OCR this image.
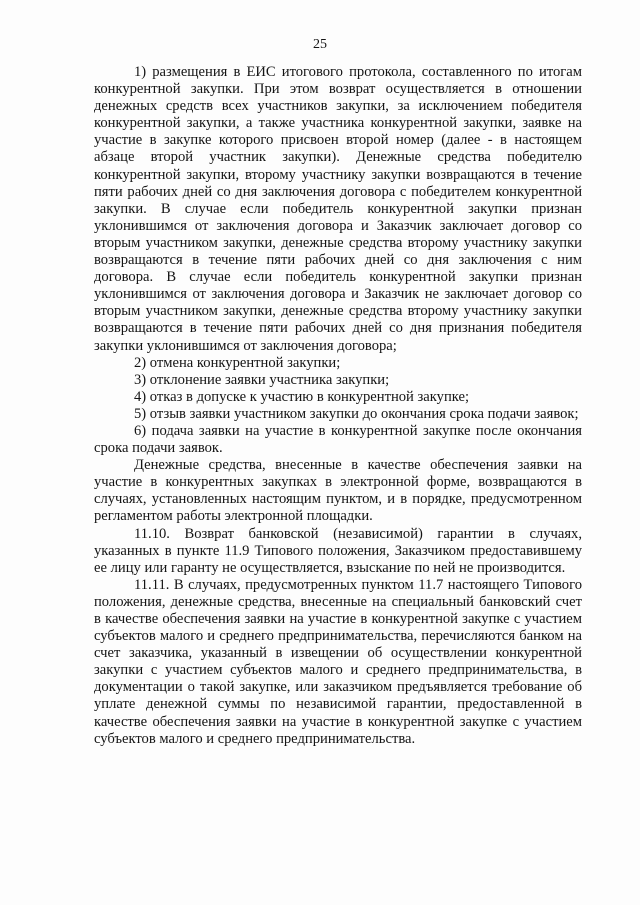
25

1) размещения в ЕИС итогового протокола, составленного по итогам конкурентной закупки. При этом возврат осуществляется в отношении денежных средств всех участников закупки, за исключением победителя конкурентной закупки, а также участника конкурентной закупки, заявке на участие в закупке которого присвоен второй номер (далее - в настоящем абзаце второй участник закупки). Денежные средства победителю конкурентной закупки, второму участнику закупки возвращаются в течение пяти рабочих дней со дня заключения договора с победителем конкурентной закупки. В случае если победитель конкурентной закупки признан уклонившимся от заключения договора и Заказчик заключает договор со вторым участником закупки, денежные средства второму участнику закупки возвращаются в течение пяти рабочих дней со дня заключения с ним договора. В случае если победитель конкурентной закупки признан уклонившимся от заключения договора и Заказчик не заключает договор со вторым участником закупки, денежные средства второму участнику закупки возвращаются в течение пяти рабочих дней со дня признания победителя закупки уклонившимся от заключения договора;

2) отмена конкурентной закупки;

3) отклонение заявки участника закупки;

4) отказ в допуске к участию в конкурентной закупке;

5) отзыв заявки участником закупки до окончания срока подачи заявок;

6) подача заявки на участие в конкурентной закупке после окончания срока подачи заявок.

Денежные средства, внесенные в качестве обеспечения заявки на участие в конкурентных закупках в электронной форме, возвращаются в случаях, установленных настоящим пунктом, и в порядке, предусмотренном регламентом работы электронной площадки.

11.10. Возврат банковской (независимой) гарантии в случаях, указанных в пункте 11.9 Типового положения, Заказчиком предоставившему ее лицу или гаранту не осуществляется, взыскание по ней не производится.

11.11. В случаях, предусмотренных пунктом 11.7 настоящего Типового положения, денежные средства, внесенные на специальный банковский счет в качестве обеспечения заявки на участие в конкурентной закупке с участием субъектов малого и среднего предпринимательства, перечисляются банком на счет заказчика, указанный в извещении об осуществлении конкурентной закупки с участием субъектов малого и среднего предпринимательства, в документации о такой закупке, или заказчиком предъявляется требование об уплате денежной суммы по независимой гарантии, предоставленной в качестве обеспечения заявки на участие в конкурентной закупке с участием субъектов малого и среднего предпринимательства.
